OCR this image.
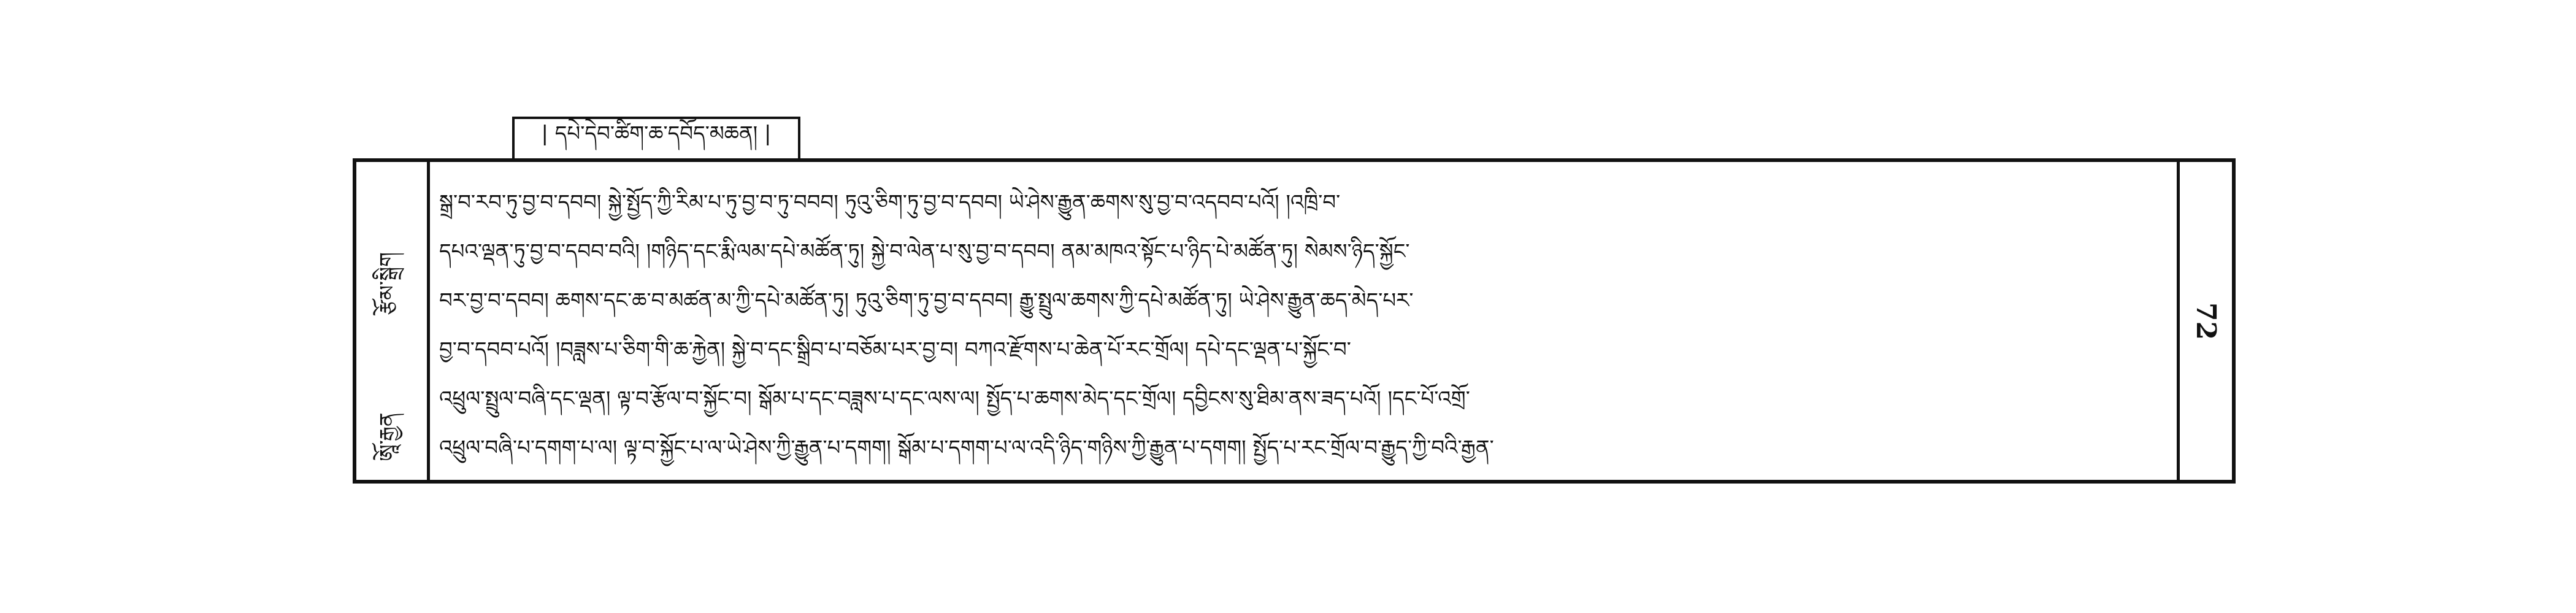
| དཔེ་དེབ་ཚིག་ཆ་དབོད་མཆན། |
རྩོམ་སྒྲིག
ཨཱོ་རྒྱན
སྒྲ་བ་རབ་ཏུ་བྱ་བ་དབབ། སྐྱེ་སྤྱོད་ཀྱི་རིམ་པ་ཏུ་བྱ་བ་ཏུ་བབབ། ཏུའུ་ཅིག་ཏུ་བྱ་བ་དབབ། ཡེ་ཤེས་རྒྱུན་ཆགས་སུ་བྱ་བ་འདབབ་པའོ། །འཁྲི་བ་
དཔའ་ལྡན་ཏུ་བྱ་བ་དབབ་བའི། །གཉིད་དང་རྨི་ལམ་དཔེ་མཚོན་ཏུ། སྐྱེ་བ་ལེན་པ་སུ་བྱ་བ་དབབ། ནམ་མཁའ་སྟོང་པ་ཉིད་པེ་མཚོན་ཏུ། སེམས་ཉིད་སྐྱོང་
བར་བྱ་བ་དབབ། ཆགས་དང་ཆ་བ་མཚན་མ་ཀྱི་དཔེ་མཚོན་ཏུ། ཏུའུ་ཅིག་ཏུ་བྱ་བ་དབབ། རྒྱུ་སྤྲུལ་ཆགས་ཀྱི་དཔེ་མཚོན་ཏུ། ཡེ་ཤེས་རྒྱུན་ཆད་མེད་པར་
བྱ་བ་དབབ་པའོ། །བཟླས་པ་ཅིག་གི་ཆ་རྐྱེན། སྐྱེ་བ་དང་སྒྲིབ་པ་བཅོམ་པར་བྱ་བ། བཀའ་རྫོགས་པ་ཆེན་པོ་རང་གྲོལ། དཔེ་དང་ལྡན་པ་སྐྱོང་བ་
འཕྲུལ་སྤྲུལ་བཞི་དང་ལྡན། ལྟ་བ་རྩོལ་བ་སྐྱོང་བ། སྒོམ་པ་དང་བཟླས་པ་དང་ལས་ལ། སྤྱོད་པ་ཆགས་མེད་དང་གྲོལ། དབྱིངས་སུ་ཐིམ་ནས་ཟད་པའོ། །དང་པོ་འགྲོ་
འཕྲུལ་བཞི་པ་དགག་པ་ལ། ལྟ་བ་སྐྱོང་པ་ལ་ཡེ་ཤེས་ཀྱི་རྒྱུན་པ་དགག། སྒོམ་པ་དགག་པ་ལ་འདི་ཉིད་གཉིས་ཀྱི་རྒྱུན་པ་དགག། སྤྱོད་པ་རང་གྲོལ་བ་རྒྱུད་ཀྱི་བའི་རྒྱན་
72
